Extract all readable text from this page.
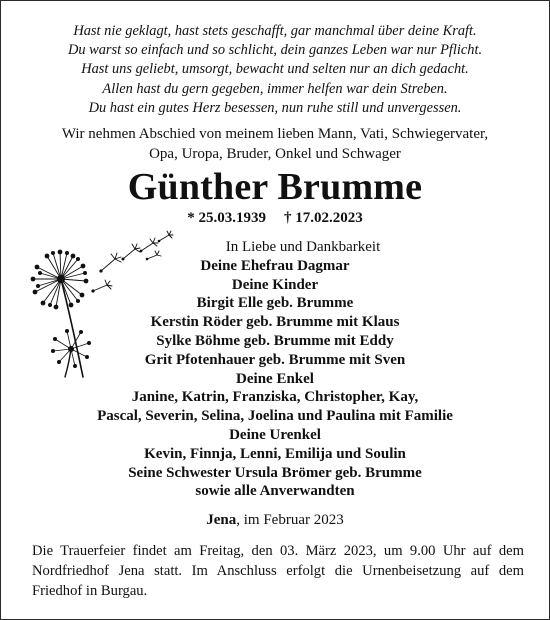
Hast nie geklagt, hast stets geschafft, gar manchmal über deine Kraft.
Du warst so einfach und so schlicht, dein ganzes Leben war nur Pflicht.
Hast uns geliebt, umsorgt, bewacht und selten nur an dich gedacht.
Allen hast du gern gegeben, immer helfen war dein Streben.
Du hast ein gutes Herz besessen, nun ruhe still und unvergessen.
Wir nehmen Abschied von meinem lieben Mann, Vati, Schwiegervater,
Opa, Uropa, Bruder, Onkel und Schwager
Günther Brumme
* 25.03.1939 † 17.02.2023
In Liebe und Dankbarkeit
Deine Ehefrau Dagmar
Deine Kinder
Birgit Elle geb. Brumme
Kerstin Röder geb. Brumme mit Klaus
Sylke Böhme geb. Brumme mit Eddy
Grit Pfotenhauer geb. Brumme mit Sven
Deine Enkel
Janine, Katrin, Franziska, Christopher, Kay,
Pascal, Severin, Selina, Joelina und Paulina mit Familie
Deine Urenkel
Kevin, Finnja, Lenni, Emilija und Soulin
Seine Schwester Ursula Brömer geb. Brumme
sowie alle Anverwandten
Jena, im Februar 2023
Die Trauerfeier findet am Freitag, den 03. März 2023, um 9.00 Uhr auf dem Nordfriedhof Jena statt. Im Anschluss erfolgt die Urnenbeisetzung auf dem Friedhof in Burgau.
